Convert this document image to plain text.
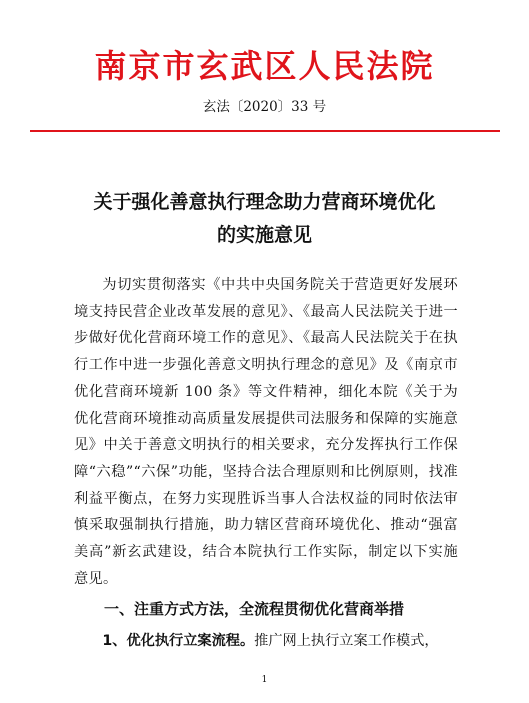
南京市玄武区人民法院
玄法〔2020〕33 号
关于强化善意执行理念助力营商环境优化
的实施意见

为切实贯彻落实《中共中央国务院关于营造更好发展环境支持民营企业改革发展的意见》、《最高人民法院关于进一步做好优化营商环境工作的意见》、《最高人民法院关于在执行工作中进一步强化善意文明执行理念的意见》及《南京市优化营商环境新 100 条》等文件精神，细化本院《关于为优化营商环境推动高质量发展提供司法服务和保障的实施意见》中关于善意文明执行的相关要求，充分发挥执行工作保障“六稳”“六保”功能，坚持合法合理原则和比例原则，找准利益平衡点，在努力实现胜诉当事人合法权益的同时依法审慎采取强制执行措施，助力辖区营商环境优化、推动“强富美高”新玄武建设，结合本院执行工作实际，制定以下实施意见。

一、注重方式方法，全流程贯彻优化营商举措
1、优化执行立案流程。推广网上执行立案工作模式，
1
